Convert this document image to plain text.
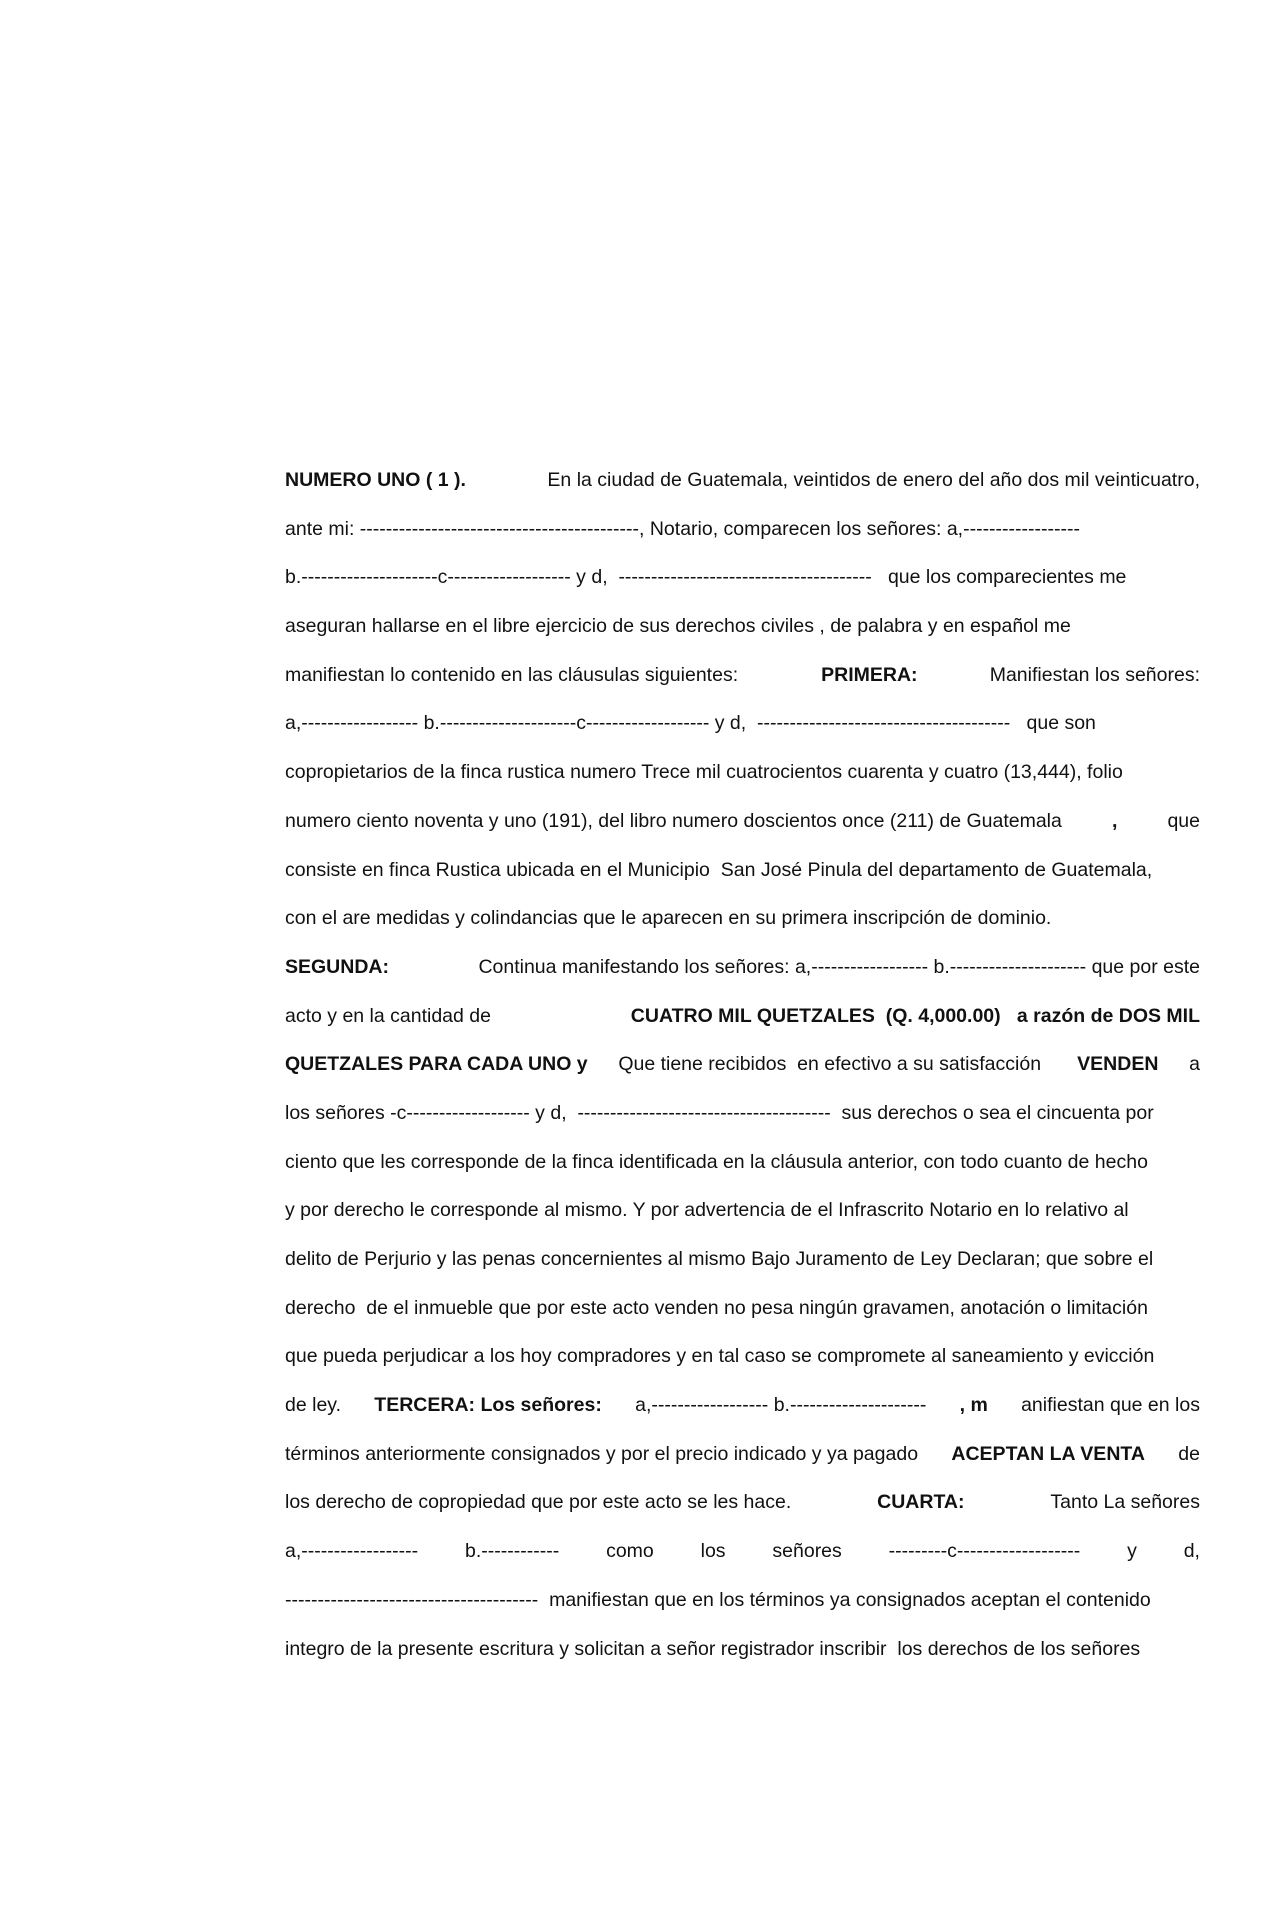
NUMERO UNO ( 1 ).	En la ciudad de Guatemala, veintidos de enero del año dos mil veinticuatro,
ante mi: -------------------------------------------, Notario, comparecen los señores: a,------------------
b.---------------------c------------------- y d,  ---------------------------------------   que los comparecientes me
aseguran hallarse en el libre ejercicio de sus derechos civiles , de palabra y en español me
manifiestan lo contenido en las cláusulas siguientes:	PRIMERA:	Manifiestan los señores:
a,------------------ b.---------------------c------------------- y d,  ---------------------------------------   que son
copropietarios de la finca rustica numero Trece mil cuatrocientos cuarenta y cuatro (13,444), folio
numero ciento noventa y uno (191), del libro numero doscientos once (211) de Guatemala	,	que
consiste en finca Rustica ubicada en el Municipio  San José Pinula del departamento de Guatemala,
con el are medidas y colindancias que le aparecen en su primera inscripción de dominio.
SEGUNDA:	Continua manifestando los señores: a,------------------ b.--------------------- que por este
acto y en la cantidad de	CUATRO MIL QUETZALES  (Q. 4,000.00)   a razón de DOS MIL
QUETZALES PARA CADA UNO y Que tiene recibidos  en efectivo a su satisfacción VENDEN a
los señores -c------------------- y d,  ---------------------------------------  sus derechos o sea el cincuenta por
ciento que les corresponde de la finca identificada en la cláusula anterior, con todo cuanto de hecho
y por derecho le corresponde al mismo. Y por advertencia de el Infrascrito Notario en lo relativo al
delito de Perjurio y las penas concernientes al mismo Bajo Juramento de Ley Declaran; que sobre el
derecho  de el inmueble que por este acto venden no pesa ningún gravamen, anotación o limitación
que pueda perjudicar a los hoy compradores y en tal caso se compromete al saneamiento y evicción
de ley. TERCERA: Los señores: a,------------------ b.--------------------- , m anifiestan que en los
términos anteriormente consignados y por el precio indicado y ya pagado ACEPTAN LA VENTA de
los derecho de copropiedad que por este acto se les hace.	CUARTA:	Tanto La señores
a,------------------ b.------------ como los señores ---------c------------------- y d,
---------------------------------------  manifiestan que en los términos ya consignados aceptan el contenido
integro de la presente escritura y solicitan a señor registrador inscribir  los derechos de los señores
